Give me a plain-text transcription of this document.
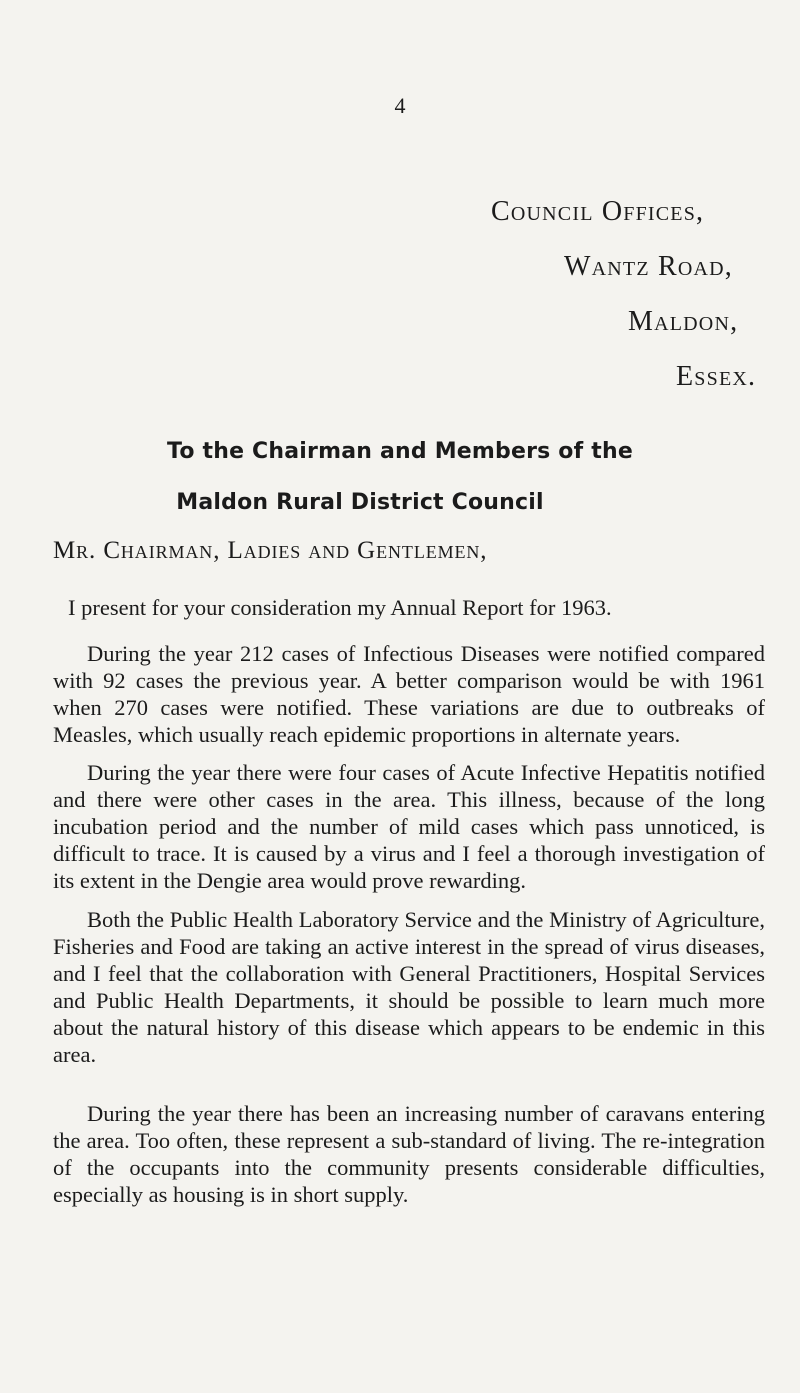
4
Council Offices,
Wantz Road,
Maldon,
Essex.
To the Chairman and Members of the
Maldon Rural District Council
Mr. Chairman, Ladies and Gentlemen,

I present for your consideration my Annual Report for 1963.

During the year 212 cases of Infectious Diseases were notified compared with 92 cases the previous year. A better comparison would be with 1961 when 270 cases were notified. These variations are due to outbreaks of Measles, which usually reach epidemic proportions in alternate years.

During the year there were four cases of Acute Infective Hepatitis notified and there were other cases in the area. This illness, because of the long incubation period and the number of mild cases which pass unnoticed, is difficult to trace. It is caused by a virus and I feel a thorough investigation of its extent in the Dengie area would prove rewarding.

Both the Public Health Laboratory Service and the Ministry of Agriculture, Fisheries and Food are taking an active interest in the spread of virus diseases, and I feel that the collaboration with General Practitioners, Hospital Services and Public Health Departments, it should be possible to learn much more about the natural history of this disease which appears to be endemic in this area.

During the year there has been an increasing number of caravans entering the area. Too often, these represent a sub-standard of living. The re-integration of the occupants into the community presents considerable difficulties, especially as housing is in short supply.
